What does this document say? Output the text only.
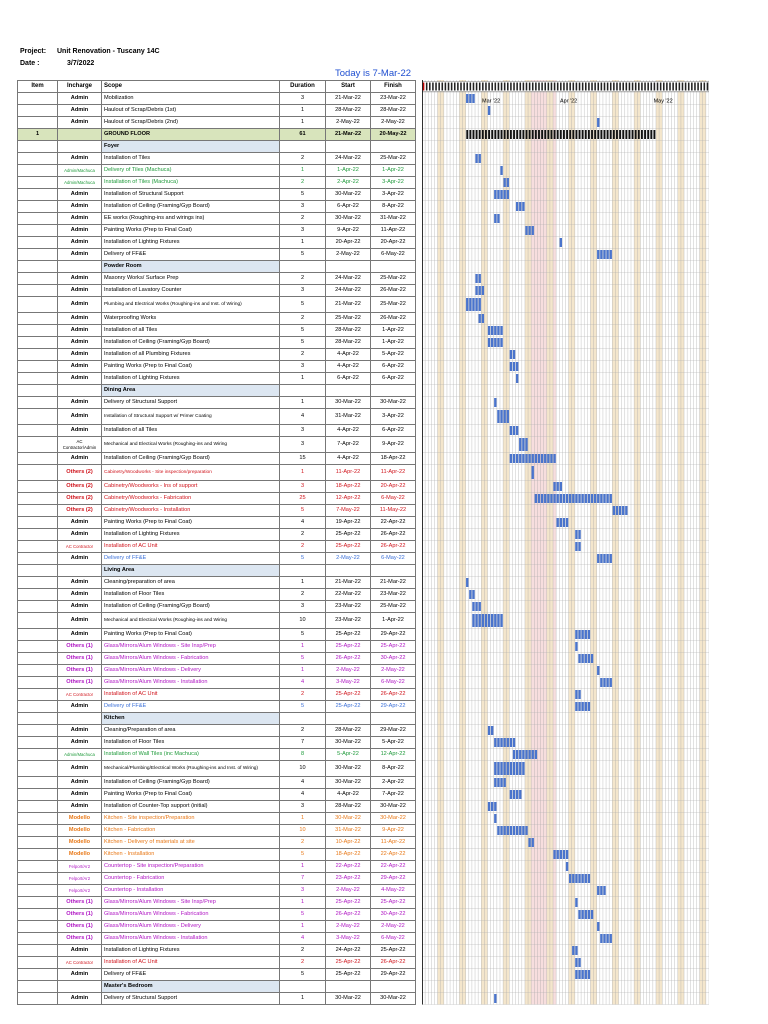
Project: Unit Renovation - Tuscany 14C
Date :	3/7/2022
Today is 7-Mar-22
Item	Incharge	Scope	Duration	Start	Finish
	Admin	Mobilization	3	21-Mar-22	23-Mar-22
	Admin	Haulout of Scrap/Debris (1st)	1	28-Mar-22	28-Mar-22
	Admin	Haulout of Scrap/Debris (2nd)	1	2-May-22	2-May-22
1		GROUND FLOOR	61	21-Mar-22	20-May-22
		Foyer			
	Admin	Installation of Tiles	2	24-Mar-22	25-Mar-22
	Admin/Machuca	Delivery of Tiles (Machuca)	1	1-Apr-22	1-Apr-22
	Admin/Machuca	Installation of Tiles (Machuca)	2	2-Apr-22	3-Apr-22
	Admin	Installation of Structural Support	5	30-Mar-22	3-Apr-22
	Admin	Installation of Ceiling (Framing/Gyp Board)	3	6-Apr-22	8-Apr-22
	Admin	EE works (Roughing-ins and wirings ins)	2	30-Mar-22	31-Mar-22
	Admin	Painting Works (Prep to Final Coat)	3	9-Apr-22	11-Apr-22
	Admin	Installation of Lighting Fixtures	1	20-Apr-22	20-Apr-22
	Admin	Delivery of FF&E	5	2-May-22	6-May-22
		Powder Room			
	Admin	Masonry Works/ Surface Prep	2	24-Mar-22	25-Mar-22
	Admin	Installation of Lavatory Counter	3	24-Mar-22	26-Mar-22
	Admin	Plumbing and Electrical Works (Roughing-ins and Inst. of Wiring)	5	21-Mar-22	25-Mar-22
	Admin	Waterproofing Works	2	25-Mar-22	26-Mar-22
	Admin	Installation of all Tiles	5	28-Mar-22	1-Apr-22
	Admin	Installation of Ceiling (Framing/Gyp Board)	5	28-Mar-22	1-Apr-22
	Admin	Installation of all Plumbing Fixtures	2	4-Apr-22	5-Apr-22
	Admin	Painting Works (Prep to Final Coat)	3	4-Apr-22	6-Apr-22
	Admin	Installation of Lighting Fixtures	1	6-Apr-22	6-Apr-22
		Dining Area			
	Admin	Delivery of Structural Support	1	30-Mar-22	30-Mar-22
	Admin	Installation of Structural Support w/ Primer Coating	4	31-Mar-22	3-Apr-22
	Admin	Installation of all Tiles	3	4-Apr-22	6-Apr-22
	AC Contractor/Admin	Mechanical and Electical Works (Roughing-ins and Wiring	3	7-Apr-22	9-Apr-22
	Admin	Installation of Ceiling (Framing/Gyp Board)	15	4-Apr-22	18-Apr-22
	Others (2)	Cabinetry/Woodworks - Site inspection/preparation	1	11-Apr-22	11-Apr-22
	Others (2)	Cabinetry/Woodworks - Ins of support	3	18-Apr-22	20-Apr-22
	Others (2)	Cabinetry/Woodworks - Fabrication	25	12-Apr-22	6-May-22
	Others (2)	Cabinetry/Woodworks - Installation	5	7-May-22	11-May-22
	Admin	Painting Works (Prep to Final Coat)	4	19-Apr-22	22-Apr-22
	Admin	Installation of Lighting Fixtures	2	25-Apr-22	26-Apr-22
	AC Contractor	Installation of AC Unit	2	25-Apr-22	26-Apr-22
	Admin	Delivery of FF&E	5	2-May-22	6-May-22
		Living Area			
	Admin	Cleaning/preparation of area	1	21-Mar-22	21-Mar-22
	Admin	Installation of Floor Tiles	2	22-Mar-22	23-Mar-22
	Admin	Installation of Ceiling (Framing/Gyp Board)	3	23-Mar-22	25-Mar-22
	Admin	Mechanical and Electical Works (Roughing-ins and Wiring	10	23-Mar-22	1-Apr-22
	Admin	Painting Works (Prep to Final Coat)	5	25-Apr-22	29-Apr-22
	Others (1)	Glass/Mirrors/Alum Windows - Site Insp/Prep	1	25-Apr-22	25-Apr-22
	Others (1)	Glass/Mirrors/Alum Windows - Fabrication	5	26-Apr-22	30-Apr-22
	Others (1)	Glass/Mirrors/Alum Windows - Delivery	1	2-May-22	2-May-22
	Others (1)	Glass/Mirrors/Alum Windows - Installation	4	3-May-22	6-May-22
	AC Contractor	Installation of AC Unit	2	25-Apr-22	26-Apr-22
	Admin	Delivery of FF&E	5	25-Apr-22	29-Apr-22
		Kitchen			
	Admin	Cleaning/Preparation of area	2	28-Mar-22	29-Mar-22
	Admin	Installation of Floor Tiles	7	30-Mar-22	5-Apr-22
	Admin/Machuca	Installation of Wall Tiles (inc Machuca)	8	5-Apr-22	12-Apr-22
	Admin	Mechanical/Plumbing/Electrical Works (Roughing-ins and Inst. of Wiring)	10	30-Mar-22	8-Apr-22
	Admin	Installation of Ceiling (Framing/Gyp Board)	4	30-Mar-22	2-Apr-22
	Admin	Painting Works (Prep to Final Coat)	4	4-Apr-22	7-Apr-22
	Admin	Installation of Counter-Top support (initial)	3	28-Mar-22	30-Mar-22
	Modello	Kitchen - Site inspection/Preparation	1	30-Mar-22	30-Mar-22
	Modello	Kitchen - Fabrication	10	31-Mar-22	9-Apr-22
	Modello	Kitchen - Delivery of materials at site	2	10-Apr-22	11-Apr-22
	Modello	Kitchen - Installation	5	18-Apr-22	22-Apr-22
	Felport/Ar2	Countertop - Site inspection/Preparation	1	22-Apr-22	22-Apr-22
	Felport/Ar2	Countertop - Fabrication	7	23-Apr-22	29-Apr-22
	Felport/Ar2	Countertop - Installation	3	2-May-22	4-May-22
	Others (1)	Glass/Mirrors/Alum Windows - Site Insp/Prep	1	25-Apr-22	25-Apr-22
	Others (1)	Glass/Mirrors/Alum Windows - Fabrication	5	26-Apr-22	30-Apr-22
	Others (1)	Glass/Mirrors/Alum Windows - Delivery	1	2-May-22	2-May-22
	Others (1)	Glass/Mirrors/Alum Windows - Installation	4	3-May-22	6-May-22
	Admin	Installation of Lighting Fixtures	2	24-Apr-22	25-Apr-22
	AC Contractor	Installation of AC Unit	2	25-Apr-22	26-Apr-22
	Admin	Delivery of FF&E	5	25-Apr-22	29-Apr-22
		Master's Bedroom			
	Admin	Delivery of Structural Support	1	30-Mar-22	30-Mar-22
Mar '22	Apr '22	May '22
